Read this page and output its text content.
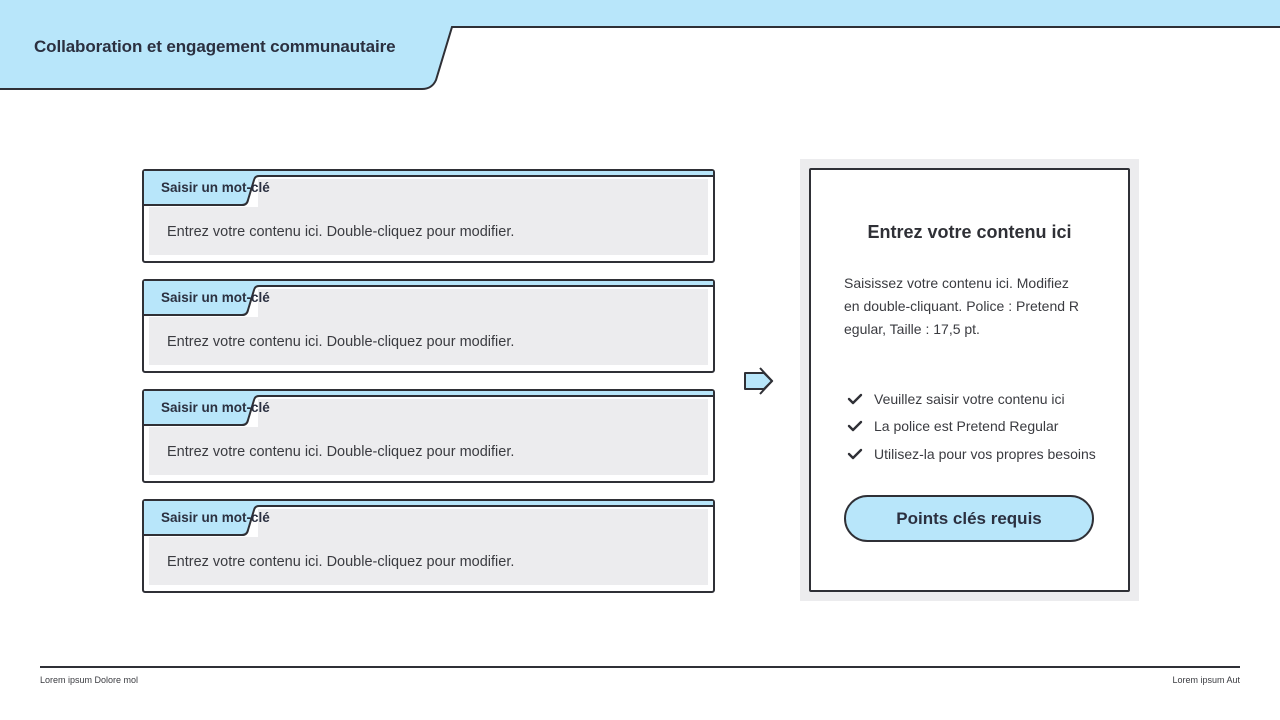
Collaboration et engagement communautaire
Saisir un mot-clé
Entrez votre contenu ici. Double-cliquez pour modifier.
Saisir un mot-clé
Entrez votre contenu ici. Double-cliquez pour modifier.
Saisir un mot-clé
Entrez votre contenu ici. Double-cliquez pour modifier.
Saisir un mot-clé
Entrez votre contenu ici. Double-cliquez pour modifier.
Entrez votre contenu ici
Saisissez votre contenu ici. Modifiez en double-cliquant. Police : Pretend Regular, Taille : 17,5 pt.
Veuillez saisir votre contenu ici
La police est Pretend Regular
Utilisez-la pour vos propres besoins
Points clés requis
Lorem ipsum Dolore mol	Lorem ipsum Aut
